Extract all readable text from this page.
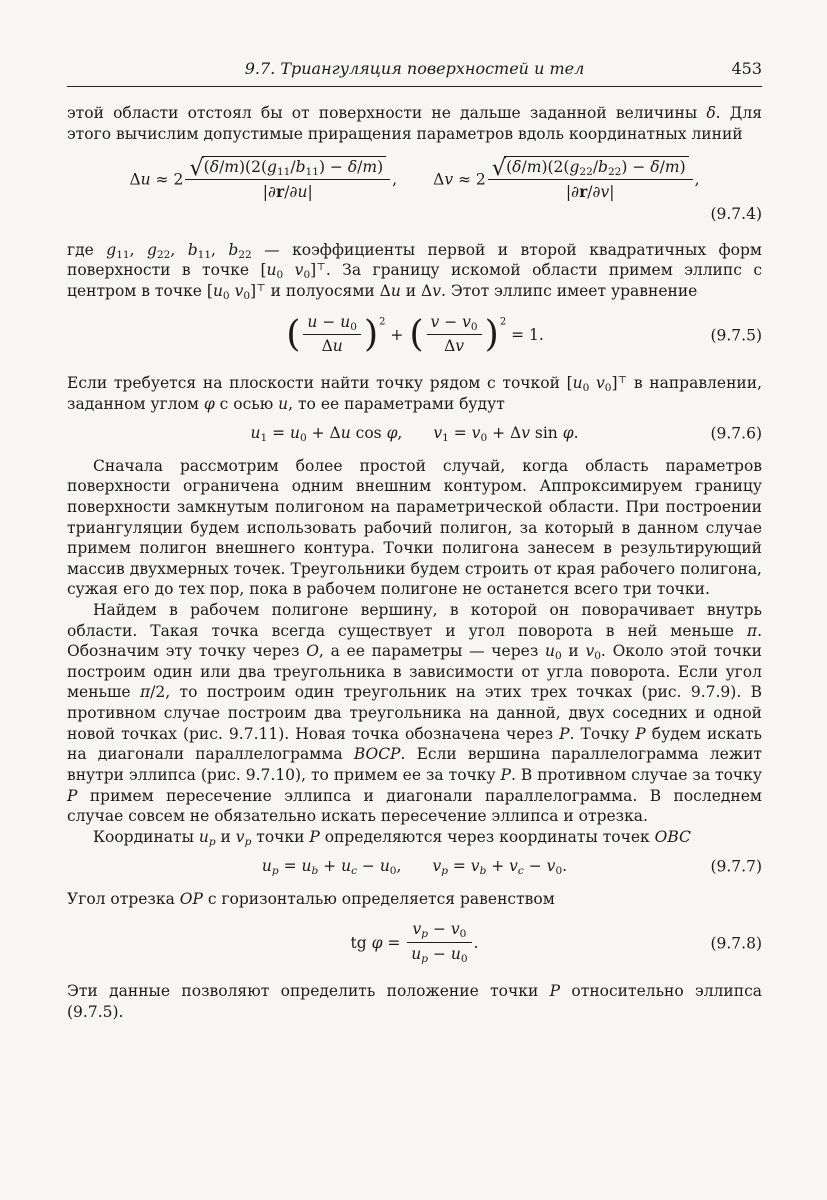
9.7. Триангуляция поверхностей и тел	453

этой области отстоял бы от поверхности не дальше заданной величины δ. Для этого вычислим допустимые приращения параметров вдоль координатных линий

$\Delta u \approx 2 \frac{√(\delta/m)(2(g_{11}/b_{11}) - \delta/m)}{|\partial r/\partial u|}$ , $\Delta v \approx 2 \frac{√(\delta/m)(2(g_{22}/b_{22}) - \delta/m)}{|\partial r/\partial v|}$ ,
(9.7.4)

где $g_{11}$, $g_{22}$, $b_{11}$, $b_{22}$ — коэффициенты первой и второй квадратичных форм поверхности в точке [$u_0$ $v_0]^⊤$. За границу искомой области примем эллипс с центром в точке [$u_0$ $v_0]^⊤$ и полуосями Δu и Δv. Этот эллипс имеет уравнение

( $\frac{u - u_0}{\Delta u} )^2$ + ( $\frac{v - v_0}{\Delta v} )^2 = 1$.	(9.7.5)

Если требуется на плоскости найти точку рядом с точкой [$u_0$ $v_0]^⊤$ в направлении, заданном углом φ с осью u, то ее параметрами будут

$u_1 = u_0 + \Delta u$ cos φ,  $v_1 = v_0 + \Delta v$ sin φ.	(9.7.6)

Сначала рассмотрим более простой случай, когда область параметров поверхности ограничена одним внешним контуром. Аппроксимируем границу поверхности замкнутым полигоном на параметрической области. При построении триангуляции будем использовать рабочий полигон, за который в данном случае примем полигон внешнего контура. Точки полигона занесем в результирующий массив двухмерных точек. Треугольники будем строить от края рабочего полигона, сужая его до тех пор, пока в рабочем полигоне не останется всего три точки.

Найдем в рабочем полигоне вершину, в которой он поворачивает внутрь области. Такая точка всегда существует и угол поворота в ней меньше π. Обозначим эту точку через O, а ее параметры — через $u_0$ и $v_0$. Около этой точки построим один или два треугольника в зависимости от угла поворота. Если угол меньше π/2, то построим один треугольник на этих трех точках (рис. 9.7.9). В противном случае построим два треугольника на данной, двух соседних и одной новой точках (рис. 9.7.11). Новая точка обозначена через P. Точку P будем искать на диагонали параллелограмма BOCP. Если вершина параллелограмма лежит внутри эллипса (рис. 9.7.10), то примем ее за точку P. В противном случае за точку P примем пересечение эллипса и диагонали параллелограмма. В последнем случае совсем не обязательно искать пересечение эллипса и отрезка.

Координаты $u_p$ и $v_p$ точки P определяются через координаты точек OBC

$u_p = u_b + u_c - u_0$,  $v_p = v_b + v_c - v_0$.	(9.7.7)

Угол отрезка OP с горизонталью определяется равенством

tg $\varphi = \frac{v_p - v_0}{u_p - u_0}$ .	(9.7.8)

Эти данные позволяют определить положение точки P относительно эллипса (9.7.5).
